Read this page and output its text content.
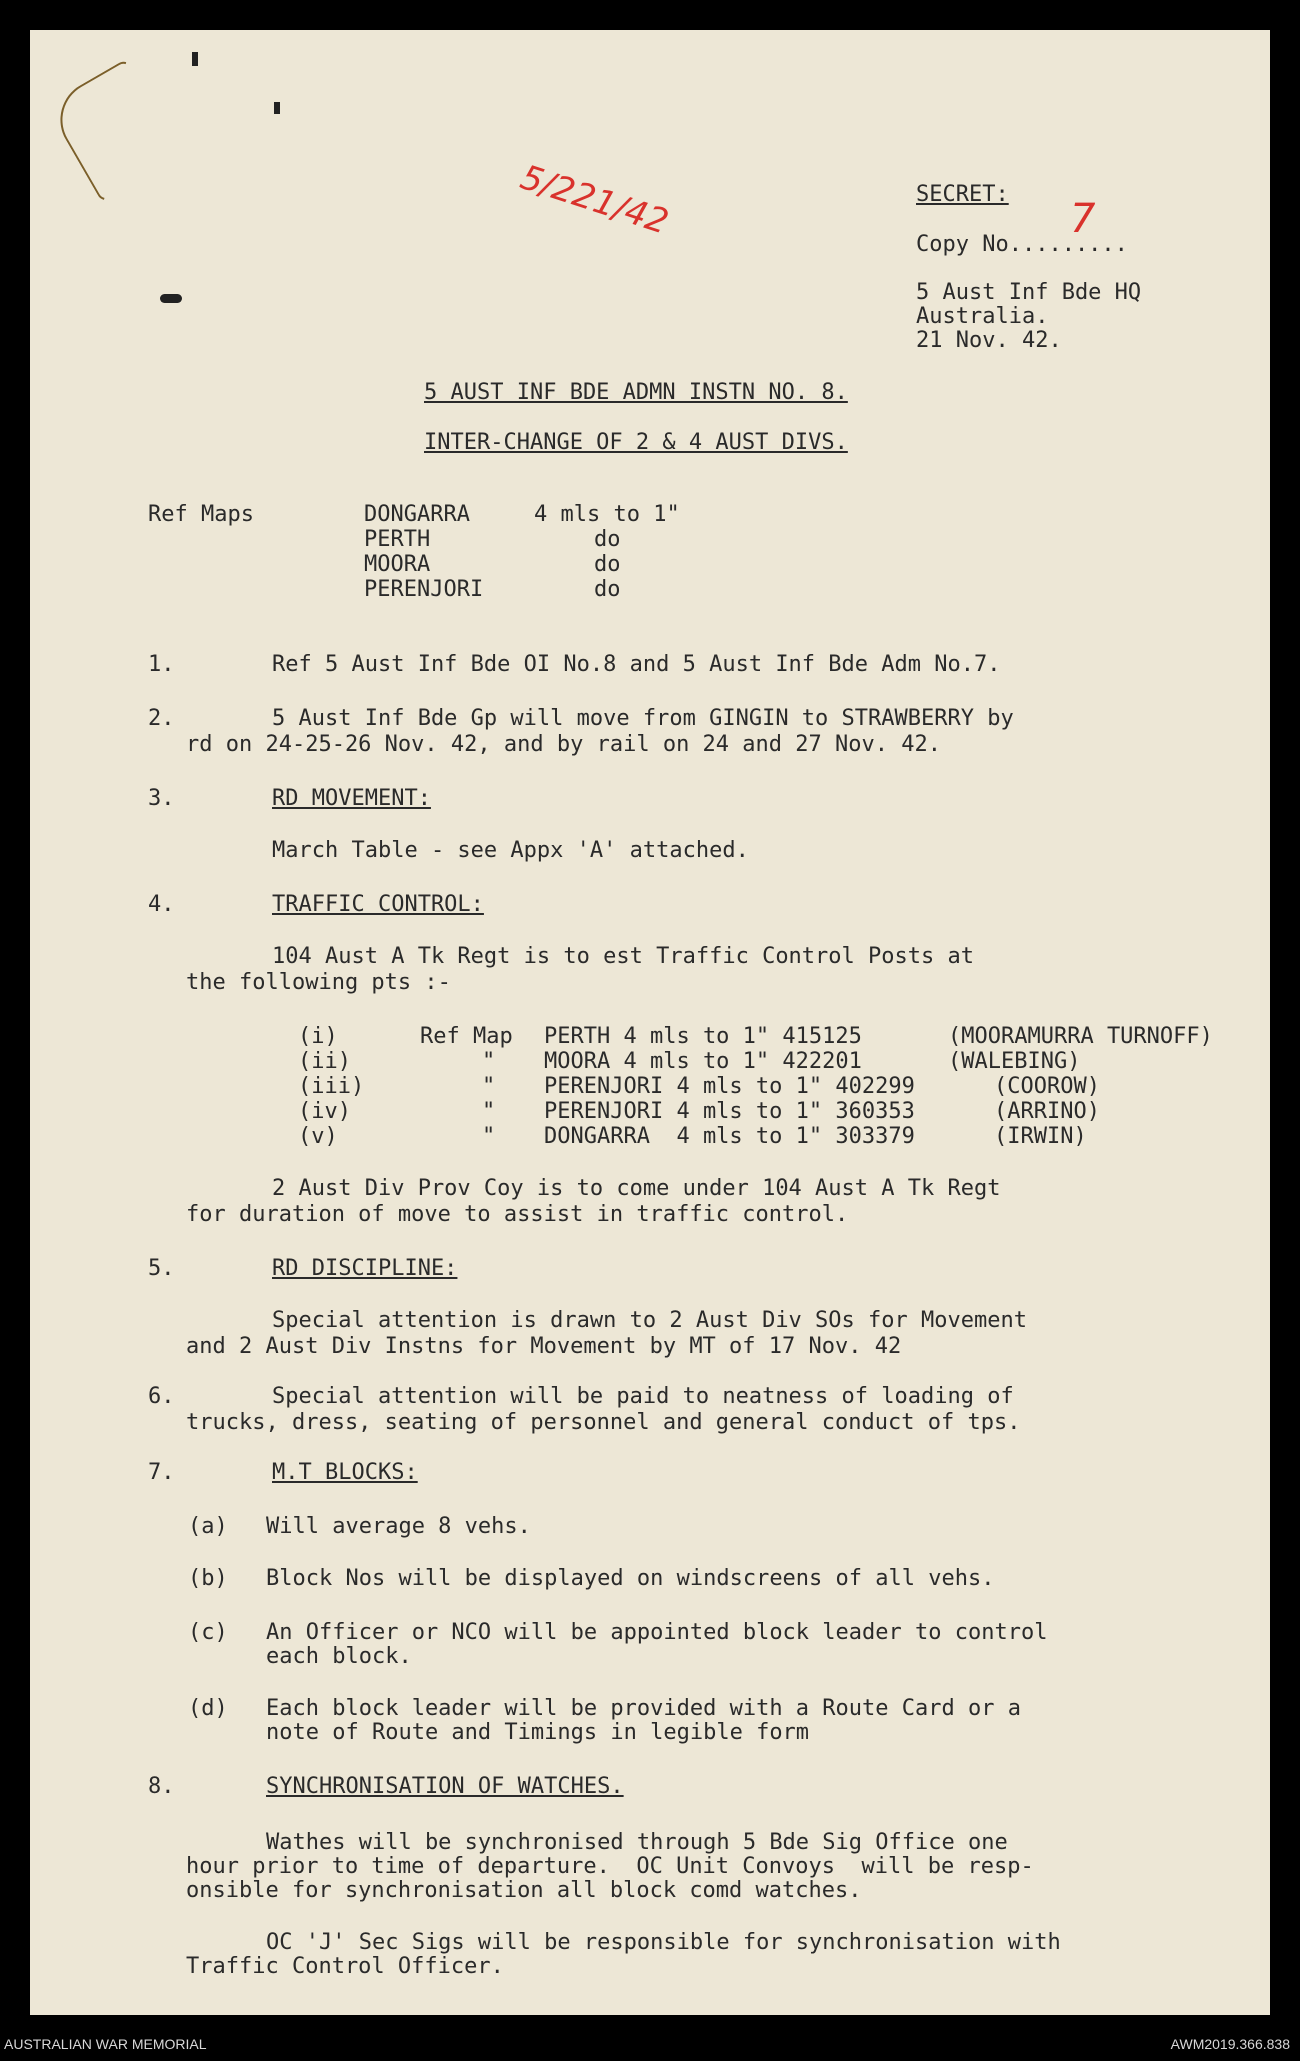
5/221/42	7
SECRET:
Copy No.........
5 Aust Inf Bde HQ
Australia.
21 Nov. 42.
5 AUST INF BDE ADMN INSTN NO. 8.
INTER-CHANGE OF 2 & 4 AUST DIVS.
Ref Maps	DONGARRA	4 mls to 1"
PERTH	do
MOORA	do
PERENJORI	do
1.	Ref 5 Aust Inf Bde OI No.8 and 5 Aust Inf Bde Adm No.7.
2.	5 Aust Inf Bde Gp will move from GINGIN to STRAWBERRY by
rd on 24-25-26 Nov. 42, and by rail on 24 and 27 Nov. 42.
3.	RD MOVEMENT:
March Table - see Appx 'A' attached.
4.	TRAFFIC CONTROL:
104 Aust A Tk Regt is to est Traffic Control Posts at
the following pts :-
(i)	Ref Map PERTH 4 mls to 1" 415125	(MOORAMURRA TURNOFF)
(ii)	" MOORA 4 mls to 1" 422201	(WALEBING)
(iii)	" PERENJORI 4 mls to 1" 402299	(COOROW)
(iv)	" PERENJORI 4 mls to 1" 360353	(ARRINO)
(v)	" DONGARRA  4 mls to 1" 303379	(IRWIN)
2 Aust Div Prov Coy is to come under 104 Aust A Tk Regt
for duration of move to assist in traffic control.
5.	RD DISCIPLINE:
Special attention is drawn to 2 Aust Div SOs for Movement
and 2 Aust Div Instns for Movement by MT of 17 Nov. 42
6.	Special attention will be paid to neatness of loading of
trucks, dress, seating of personnel and general conduct of tps.
7.	M.T BLOCKS:
(a) Will average 8 vehs.
(b) Block Nos will be displayed on windscreens of all vehs.
(c) An Officer or NCO will be appointed block leader to control
each block.
(d) Each block leader will be provided with a Route Card or a
note of Route and Timings in legible form
8.	SYNCHRONISATION OF WATCHES.
Wathes will be synchronised through 5 Bde Sig Office one
hour prior to time of departure.  OC Unit Convoys  will be resp-
onsible for synchronisation all block comd watches.
OC 'J' Sec Sigs will be responsible for synchronisation with
Traffic Control Officer.
AUSTRALIAN WAR MEMORIAL	AWM2019.366.838
